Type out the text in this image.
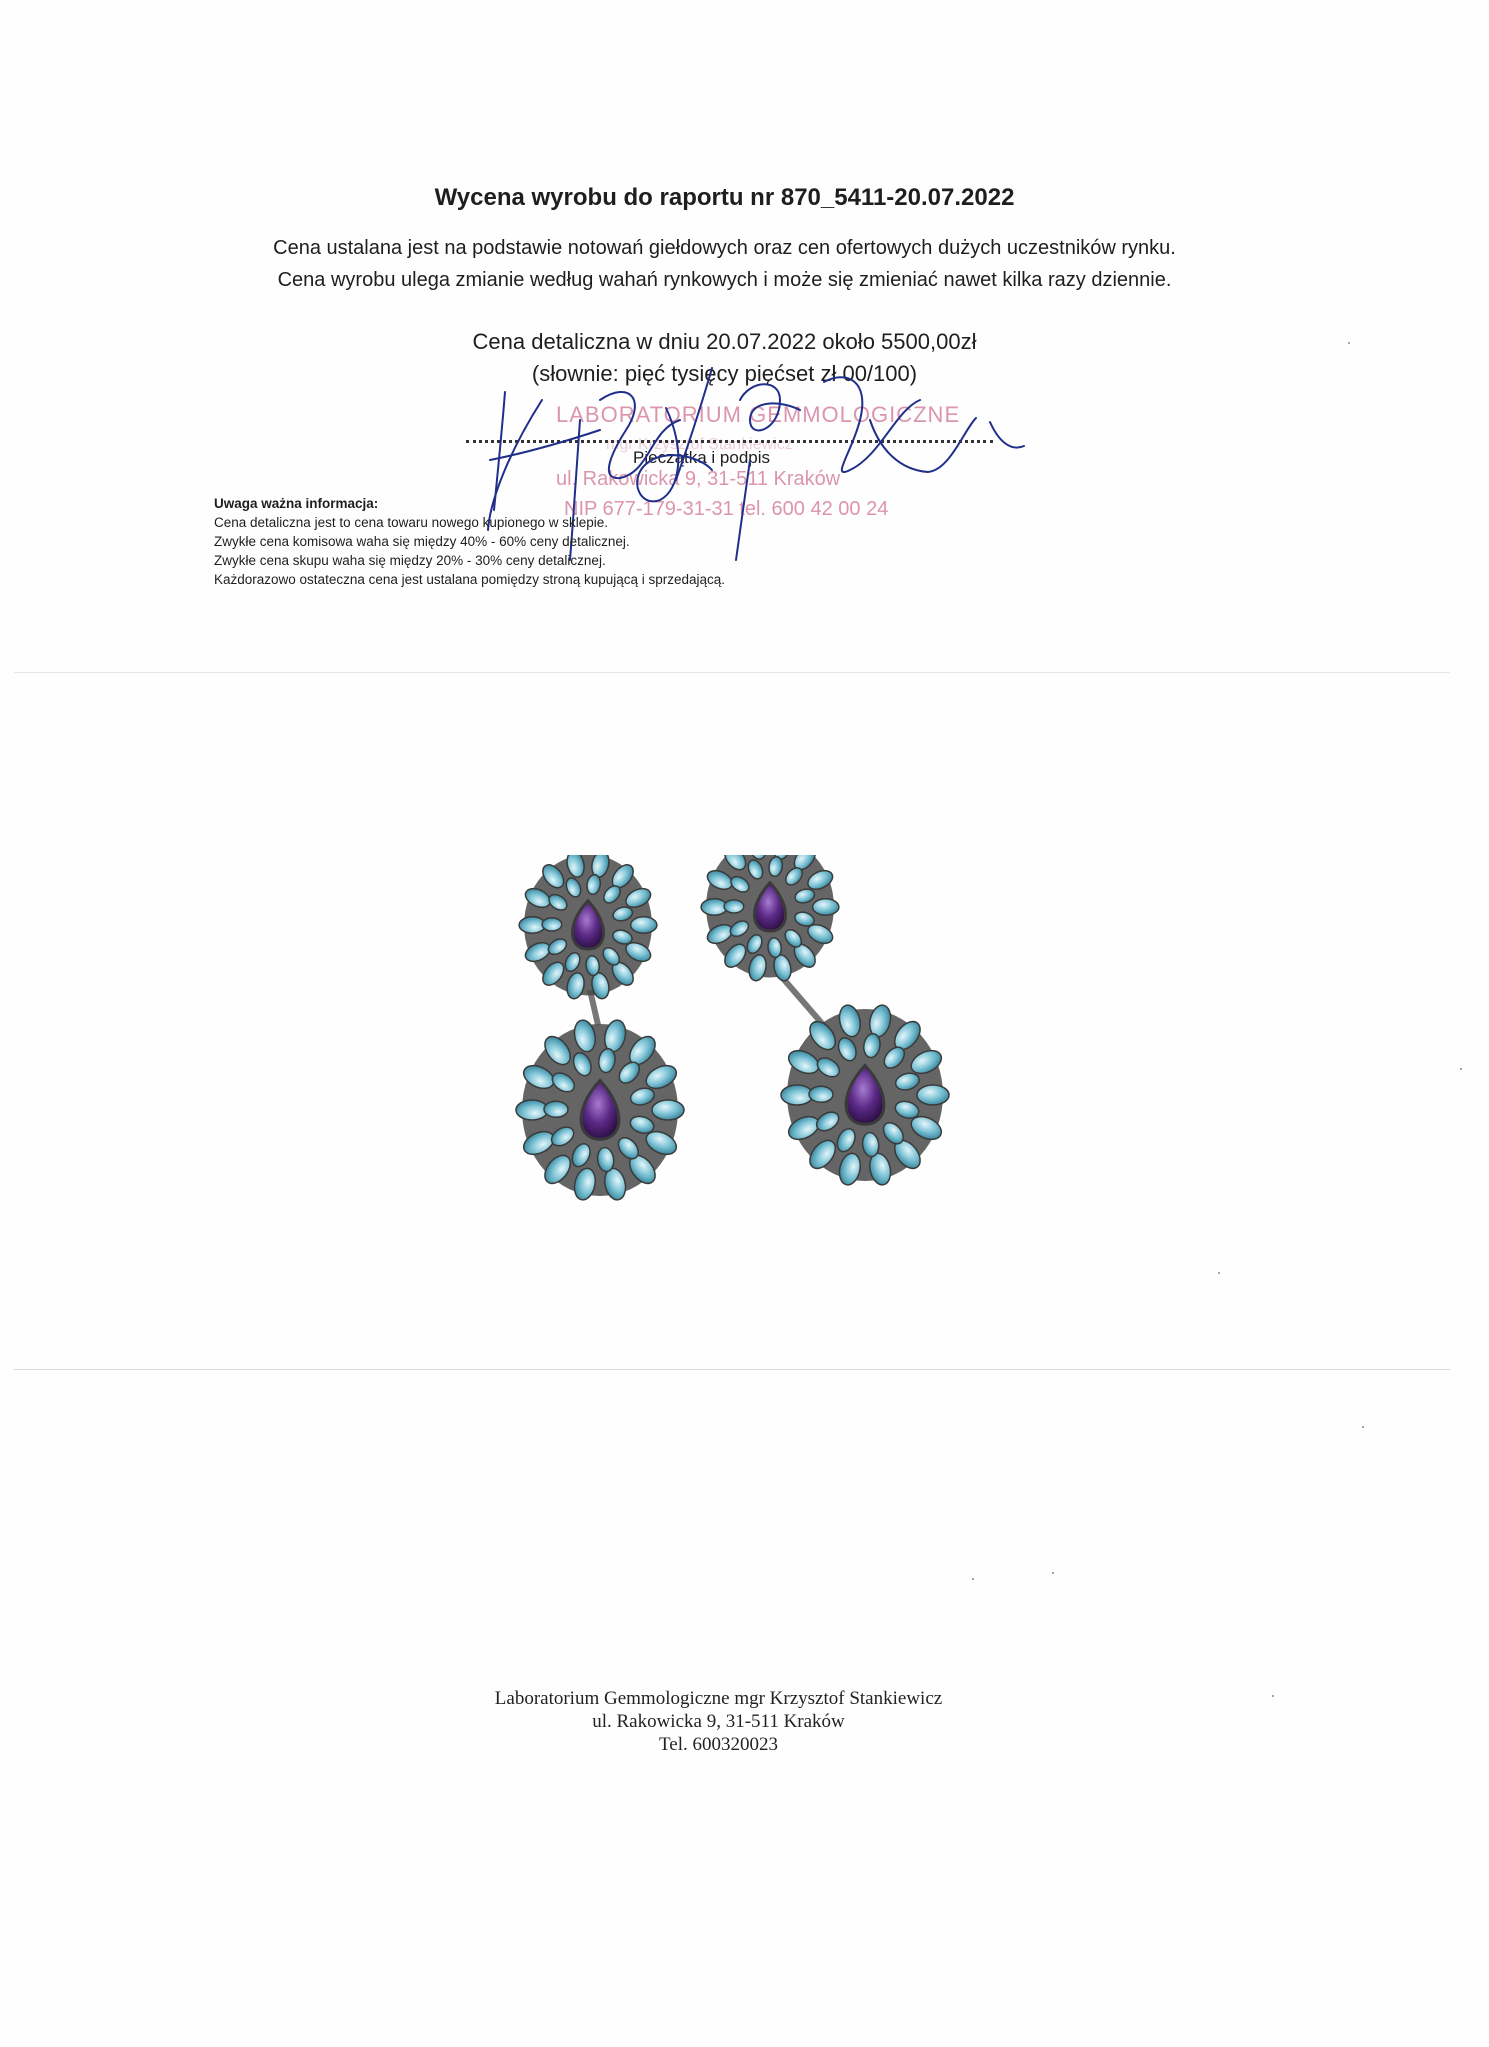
Wycena wyrobu do raportu nr 870_5411-20.07.2022
Cena ustalana jest na podstawie notowań giełdowych oraz cen ofertowych dużych uczestników rynku.
Cena wyrobu ulega zmianie według wahań rynkowych i może się zmieniać nawet kilka razy dziennie.
Cena detaliczna w dniu 20.07.2022 około 5500,00zł
(słownie: pięć tysięcy pięćset zł 00/100)
LABORATORIUM GEMMOLOGICZNE
mgr Krzysztof Stankiewicz
ul. Rakowicka 9, 31-511 Kraków
NIP 677-179-31-31 tel. 600 42 00 24
Pieczątka i podpis
Uwaga ważna informacja:
Cena detaliczna jest to cena towaru nowego kupionego w sklepie.
Zwykłe cena komisowa waha się między 40% - 60% ceny detalicznej.
Zwykłe cena skupu waha się między 20% - 30% ceny detalicznej.
Każdorazowo ostateczna cena jest ustalana pomiędzy stroną kupującą i sprzedającą.
Laboratorium Gemmologiczne mgr Krzysztof Stankiewicz
ul. Rakowicka 9, 31-511 Kraków
Tel. 600320023
